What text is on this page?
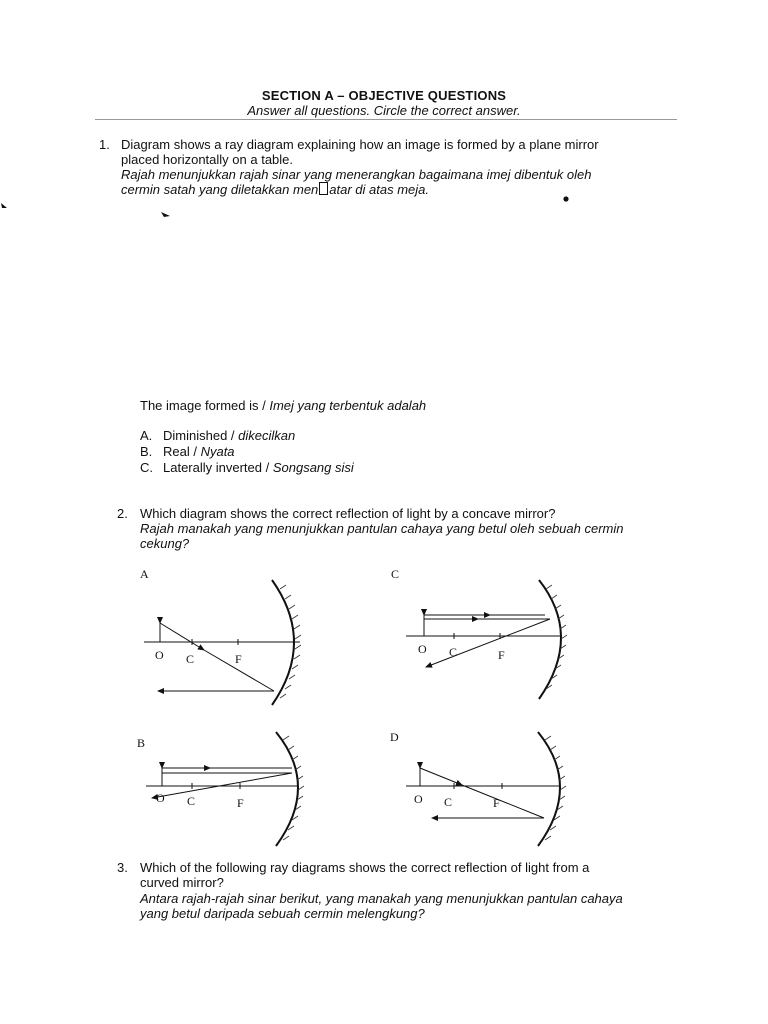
SECTION A – OBJECTIVE QUESTIONS
Answer all questions. Circle the correct answer.
1. Diagram shows a ray diagram explaining how an image is formed by a plane mirror
placed horizontally on a table.
Rajah menunjukkan rajah sinar yang menerangkan bagaimana imej dibentuk oleh
cermin satah yang diletakkan men atar di atas meja.
The image formed is / Imej yang terbentuk adalah
A. Diminished / dikecilkan
B. Real / Nyata
C. Laterally inverted / Songsang sisi
2. Which diagram shows the correct reflection of light by a concave mirror?
Rajah manakah yang menunjukkan pantulan cahaya yang betul oleh sebuah cermin
cekung?
A
O C	F
C
O C	F
B
O C	F
D
O C	F
3. Which of the following ray diagrams shows the correct reflection of light from a
curved mirror?
Antara rajah-rajah sinar berikut, yang manakah yang menunjukkan pantulan cahaya
yang betul daripada sebuah cermin melengkung?
